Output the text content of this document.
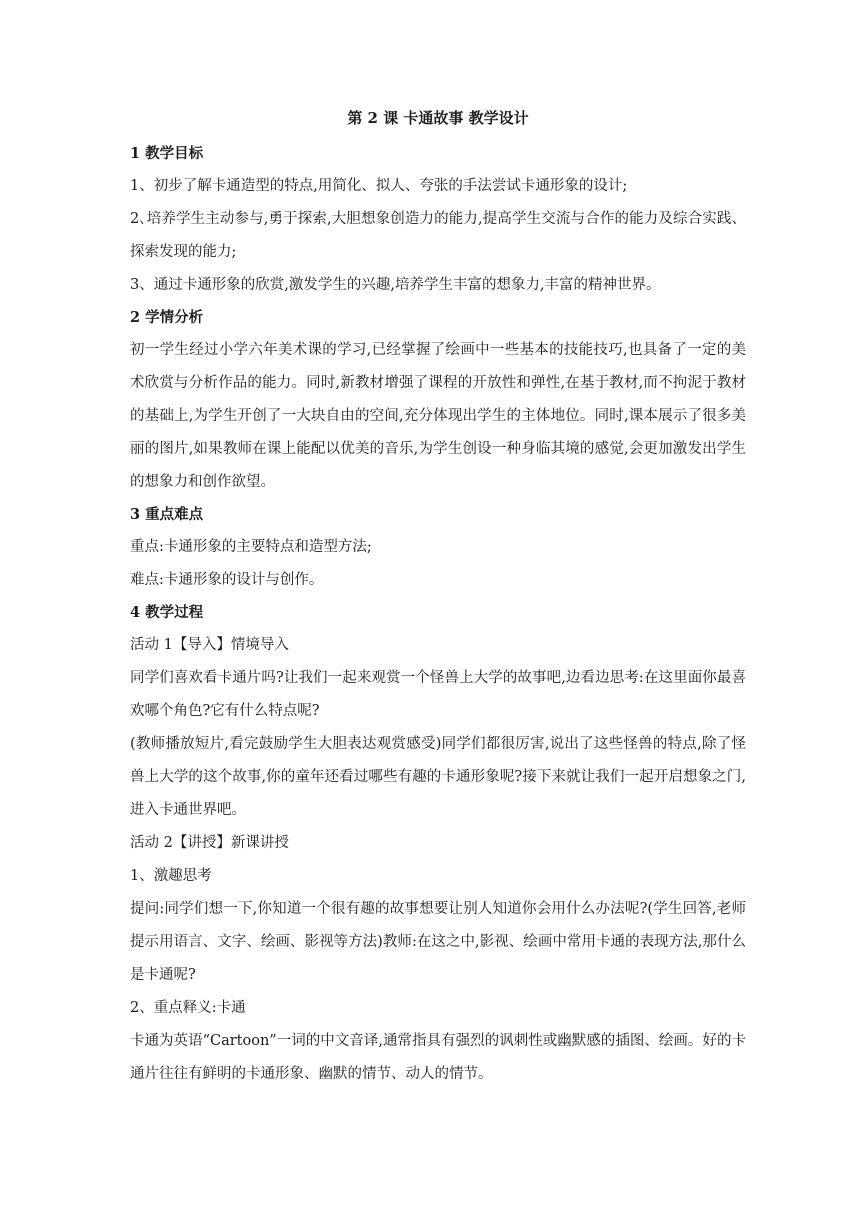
第 2 课 卡通故事 教学设计
1 教学目标
1、初步了解卡通造型的特点,用简化、拟人、夸张的手法尝试卡通形象的设计;
2､培养学生主动参与,勇于探索,大胆想象创造力的能力,提高学生交流与合作的能力及综合实践、探索发现的能力;
3、通过卡通形象的欣赏,激发学生的兴趣,培养学生丰富的想象力,丰富的精神世界。
2 学情分析
初一学生经过小学六年美术课的学习,已经掌握了绘画中一些基本的技能技巧,也具备了一定的美术欣赏与分析作品的能力。同时,新教材增强了课程的开放性和弹性,在基于教材,而不拘泥于教材的基础上,为学生开创了一大块自由的空间,充分体现出学生的主体地位。同时,课本展示了很多美丽的图片,如果教师在课上能配以优美的音乐,为学生创设一种身临其境的感觉,会更加激发出学生的想象力和创作欲望。
3 重点难点
重点:卡通形象的主要特点和造型方法;
难点:卡通形象的设计与创作。
4 教学过程
活动 1【导入】情境导入
同学们喜欢看卡通片吗?让我们一起来观赏一个怪兽上大学的故事吧,边看边思考:在这里面你最喜欢哪个角色?它有什么特点呢?
(教师播放短片,看完鼓励学生大胆表达观赏感受)同学们都很厉害,说出了这些怪兽的特点,除了怪兽上大学的这个故事,你的童年还看过哪些有趣的卡通形象呢?接下来就让我们一起开启想象之门,进入卡通世界吧。
活动 2【讲授】新课讲授
1、激趣思考
提问:同学们想一下,你知道一个很有趣的故事想要让别人知道你会用什么办法呢?(学生回答,老师提示用语言、文字、绘画、影视等方法)教师:在这之中,影视、绘画中常用卡通的表现方法,那什么是卡通呢?
2、重点释义:卡通
卡通为英语“Cartoon”一词的中文音译,通常指具有强烈的讽刺性或幽默感的插图、绘画。好的卡通片往往有鲜明的卡通形象、幽默的情节、动人的情节。
